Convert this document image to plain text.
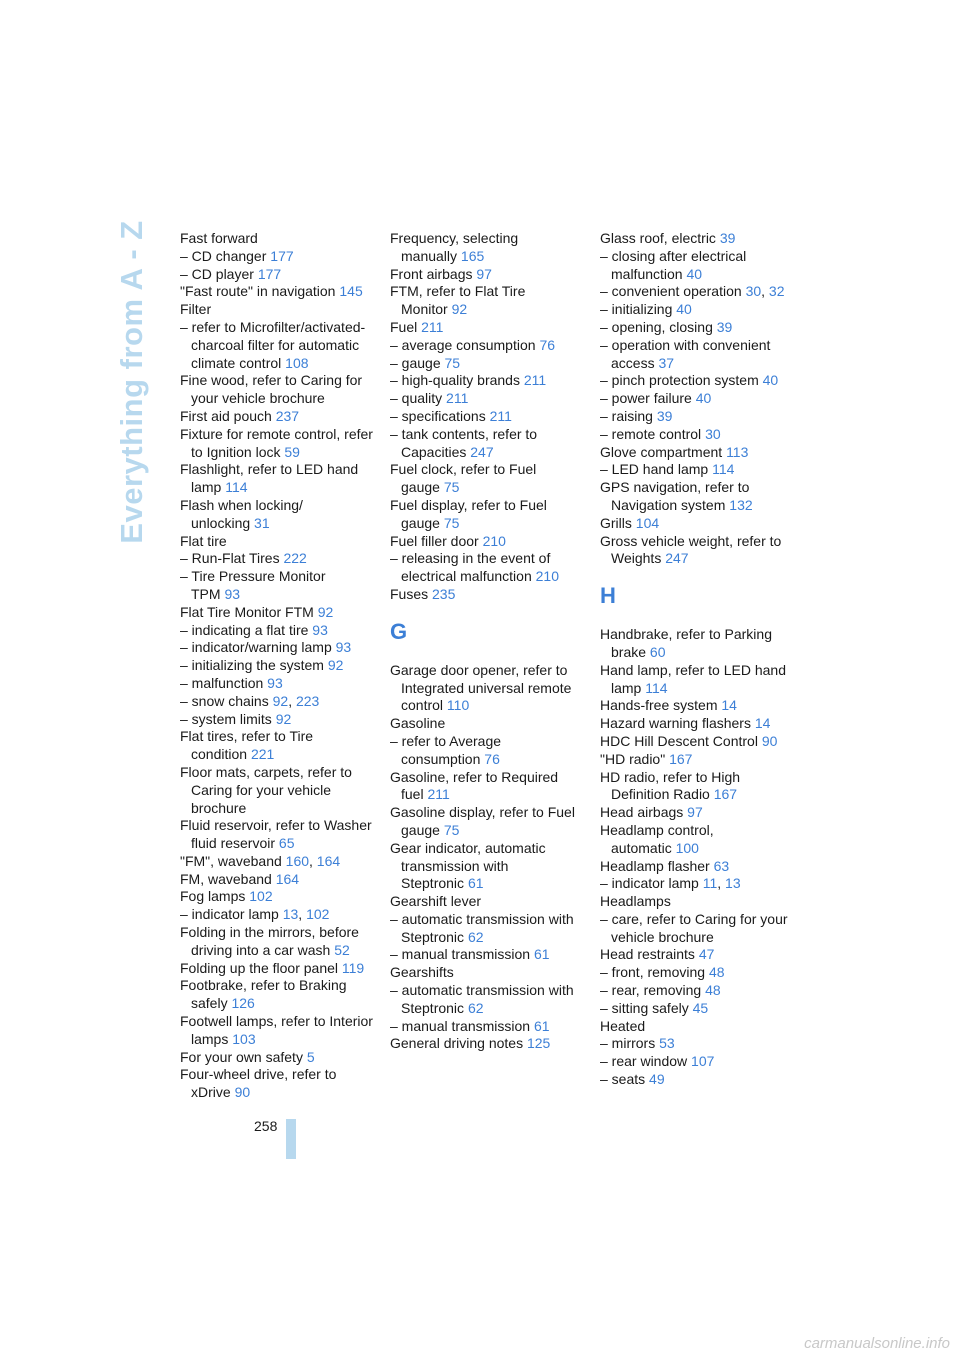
Everything from A - Z Fast forward
– CD changer 177
– CD player 177
"Fast route" in navigation 145
Filter
– refer to Microfilter/activated-charcoal filter for automatic climate control 108
Fine wood, refer to Caring for your vehicle brochure
First aid pouch 237
Fixture for remote control, refer to Ignition lock 59
Flashlight, refer to LED hand lamp 114
Flash when locking/ unlocking 31
Flat tire
– Run-Flat Tires 222
– Tire Pressure Monitor TPM 93
Flat Tire Monitor FTM 92
– indicating a flat tire 93
– indicator/warning lamp 93
– initializing the system 92
– malfunction 93
– snow chains 92, 223
– system limits 92
Flat tires, refer to Tire condition 221
Floor mats, carpets, refer to Caring for your vehicle brochure
Fluid reservoir, refer to Washer fluid reservoir 65
"FM", waveband 160, 164
FM, waveband 164
Fog lamps 102
– indicator lamp 13, 102
Folding in the mirrors, before driving into a car wash 52
Folding up the floor panel 119
Footbrake, refer to Braking safely 126
Footwell lamps, refer to Interior lamps 103
For your own safety 5
Four-wheel drive, refer to xDrive 90
Frequency, selecting manually 165
Front airbags 97
FTM, refer to Flat Tire Monitor 92
Fuel 211
– average consumption 76
– gauge 75
– high-quality brands 211
– quality 211
– specifications 211
– tank contents, refer to Capacities 247
Fuel clock, refer to Fuel gauge 75
Fuel display, refer to Fuel gauge 75
Fuel filler door 210
– releasing in the event of electrical malfunction 210
Fuses 235
G
Garage door opener, refer to Integrated universal remote control 110
Gasoline
– refer to Average consumption 76
Gasoline, refer to Required fuel 211
Gasoline display, refer to Fuel gauge 75
Gear indicator, automatic transmission with Steptronic 61
Gearshift lever
– automatic transmission with Steptronic 62
– manual transmission 61
Gearshifts
– automatic transmission with Steptronic 62
– manual transmission 61
General driving notes 125
Glass roof, electric 39
– closing after electrical malfunction 40
– convenient operation 30, 32
– initializing 40
– opening, closing 39
– operation with convenient access 37
– pinch protection system 40
– power failure 40
– raising 39
– remote control 30
Glove compartment 113
– LED hand lamp 114
GPS navigation, refer to Navigation system 132
Grills 104
Gross vehicle weight, refer to Weights 247
H
Handbrake, refer to Parking brake 60
Hand lamp, refer to LED hand lamp 114
Hands-free system 14
Hazard warning flashers 14
HDC Hill Descent Control 90
"HD radio" 167
HD radio, refer to High Definition Radio 167
Head airbags 97
Headlamp control, automatic 100
Headlamp flasher 63
– indicator lamp 11, 13
Headlamps
– care, refer to Caring for your vehicle brochure
Head restraints 47
– front, removing 48
– rear, removing 48
– sitting safely 45
Heated
– mirrors 53
– rear window 107
– seats 49
258
carmanualsonline.info
